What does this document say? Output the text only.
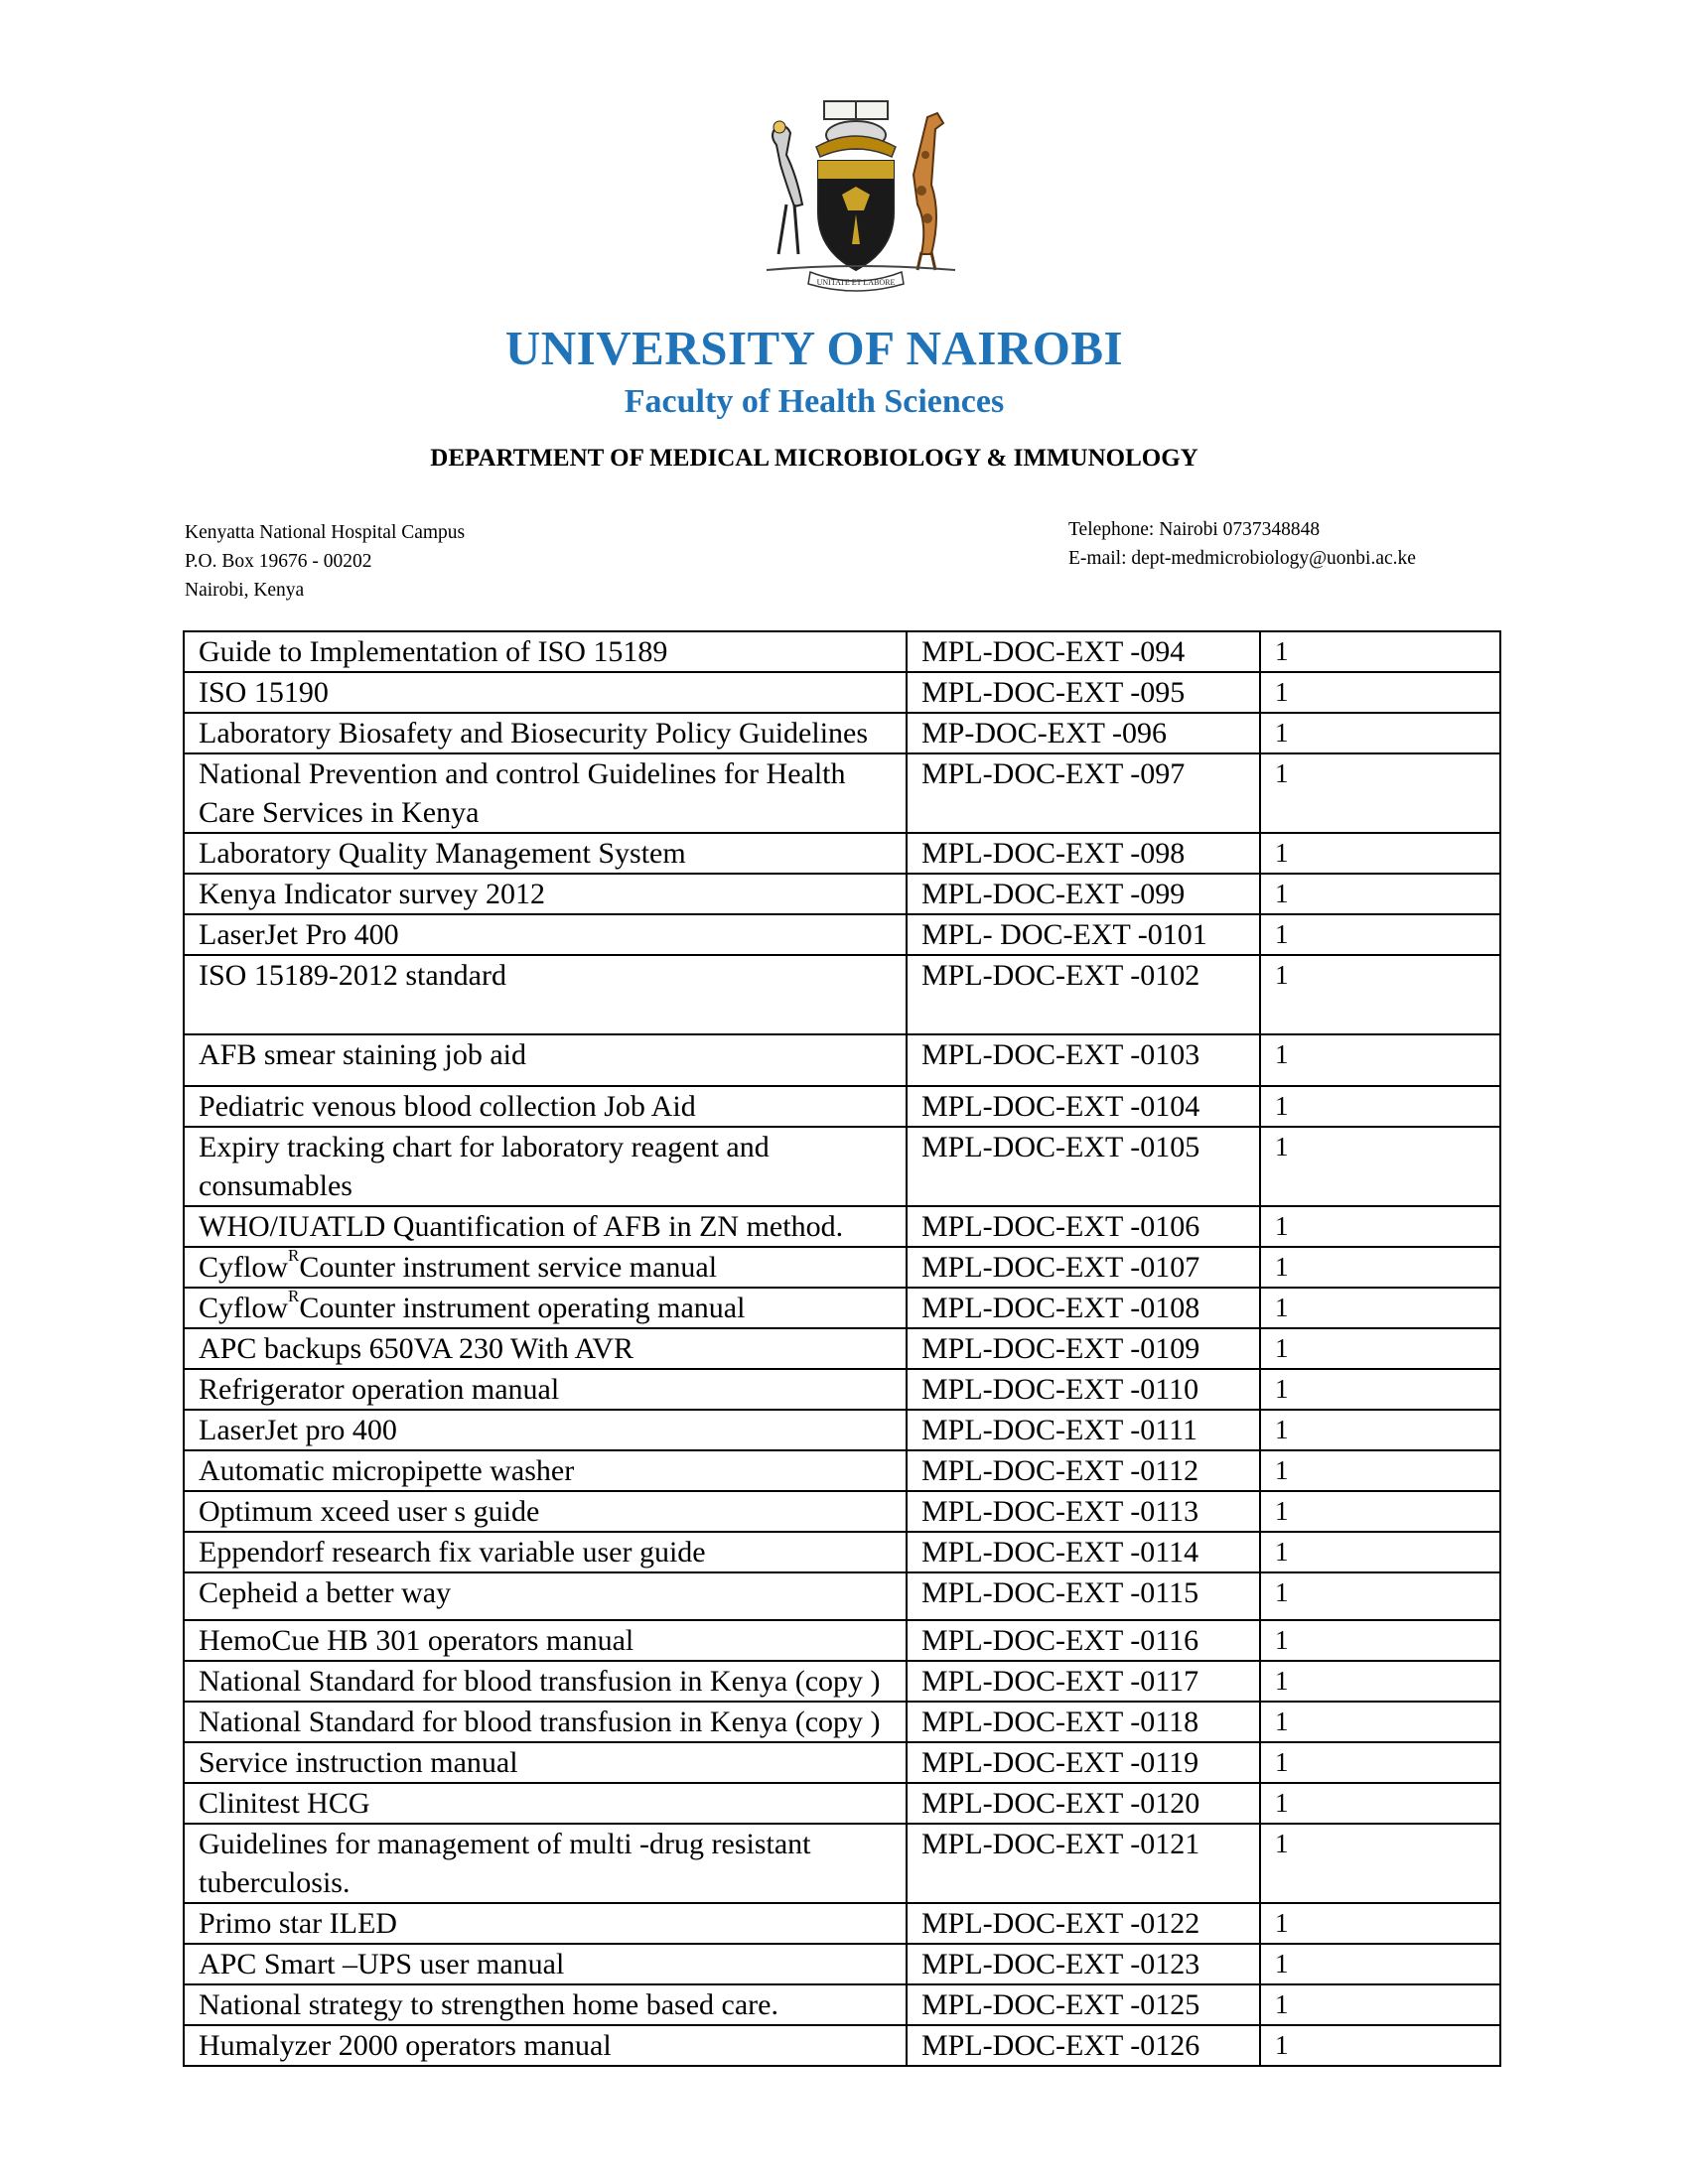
UNITATE ET LABORE
UNIVERSITY OF NAIROBI
Faculty of Health Sciences
DEPARTMENT OF MEDICAL MICROBIOLOGY & IMMUNOLOGY
Kenyatta National Hospital Campus
P.O. Box 19676 - 00202
Nairobi, Kenya
Telephone: Nairobi 0737348848
E-mail: dept-medmicrobiology@uonbi.ac.ke
Guide to Implementation of ISO 15189	MPL-DOC-EXT -094	1
ISO 15190	MPL-DOC-EXT -095	1
Laboratory Biosafety and Biosecurity Policy Guidelines	MP-DOC-EXT -096	1
National Prevention and control Guidelines for Health Care Services in Kenya	MPL-DOC-EXT -097	1
Laboratory Quality Management System	MPL-DOC-EXT -098	1
Kenya Indicator survey 2012	MPL-DOC-EXT -099	1
LaserJet Pro 400	MPL- DOC-EXT -0101	1
ISO 15189-2012 standard	MPL-DOC-EXT -0102	1
AFB smear staining job aid	MPL-DOC-EXT -0103	1
Pediatric venous blood collection Job Aid	MPL-DOC-EXT -0104	1
Expiry tracking chart for laboratory reagent and consumables	MPL-DOC-EXT -0105	1
WHO/IUATLD Quantification of AFB in ZN method.	MPL-DOC-EXT -0106	1
Cyflow$^R$Counter instrument service manual	MPL-DOC-EXT -0107	1
Cyflow$^R$Counter instrument operating manual	MPL-DOC-EXT -0108	1
APC backups 650VA 230 With AVR	MPL-DOC-EXT -0109	1
Refrigerator operation manual	MPL-DOC-EXT -0110	1
LaserJet pro 400	MPL-DOC-EXT -0111	1
Automatic micropipette washer	MPL-DOC-EXT -0112	1
Optimum xceed user s guide	MPL-DOC-EXT -0113	1
Eppendorf research fix variable user guide	MPL-DOC-EXT -0114	1
Cepheid a better way	MPL-DOC-EXT -0115	1
HemoCue HB 301 operators manual	MPL-DOC-EXT -0116	1
National Standard for blood transfusion in Kenya (copy )	MPL-DOC-EXT -0117	1
National Standard for blood transfusion in Kenya (copy )	MPL-DOC-EXT -0118	1
Service instruction manual	MPL-DOC-EXT -0119	1
Clinitest HCG	MPL-DOC-EXT -0120	1
Guidelines for management of multi -drug resistant tuberculosis.	MPL-DOC-EXT -0121	1
Primo star ILED	MPL-DOC-EXT -0122	1
APC Smart –UPS user manual	MPL-DOC-EXT -0123	1
National strategy to strengthen home based care.	MPL-DOC-EXT -0125	1
Humalyzer 2000 operators manual	MPL-DOC-EXT -0126	1
